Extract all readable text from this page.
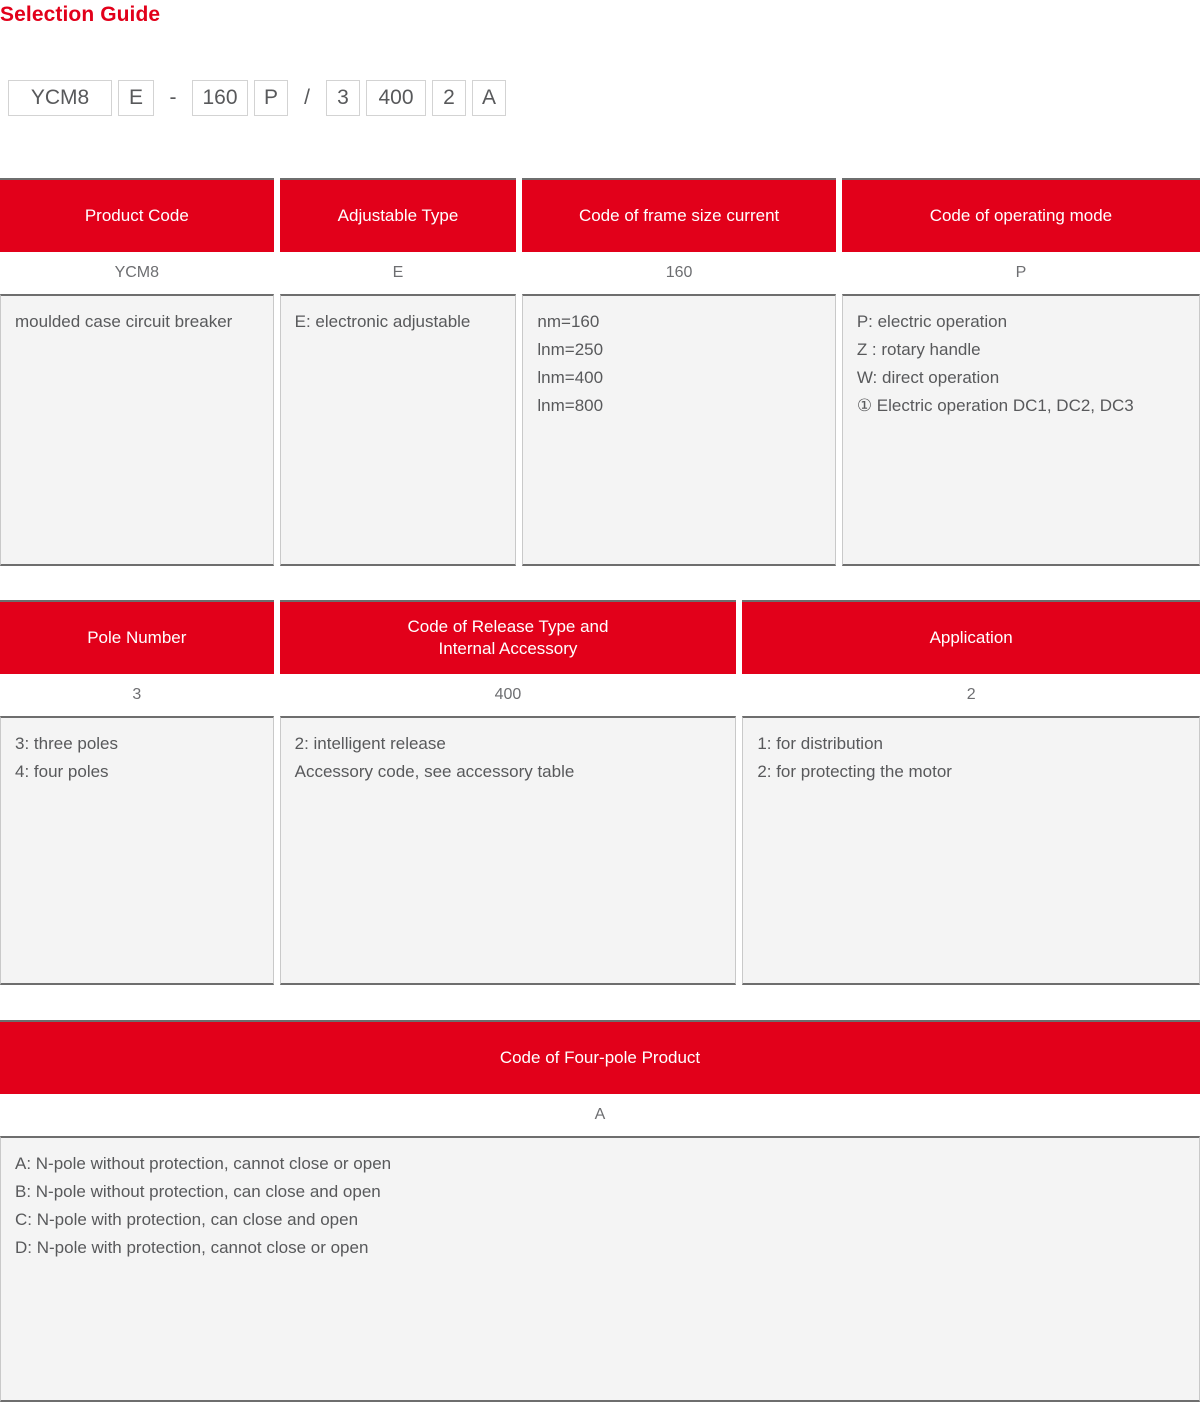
Selection Guide
YCM8	E	-	160	P	/	3	400	2	A
Product Code
YCM8
moulded case circuit breaker
Adjustable Type
E
E: electronic adjustable
Code of frame size current
160
nm=160
lnm=250
lnm=400
lnm=800
Code of operating mode
P
P: electric operation
Z : rotary handle
W: direct operation
① Electric operation DC1, DC2, DC3
Pole Number
3
3: three poles
4: four poles
Code of Release Type and
Internal Accessory
400
2: intelligent release
Accessory code, see accessory table
Application
2
1: for distribution
2: for protecting the motor
Code of Four-pole Product
A
A: N-pole without protection, cannot close or open
B: N-pole without protection, can close and open
C: N-pole with protection, can close and open
D: N-pole with protection, cannot close or open
